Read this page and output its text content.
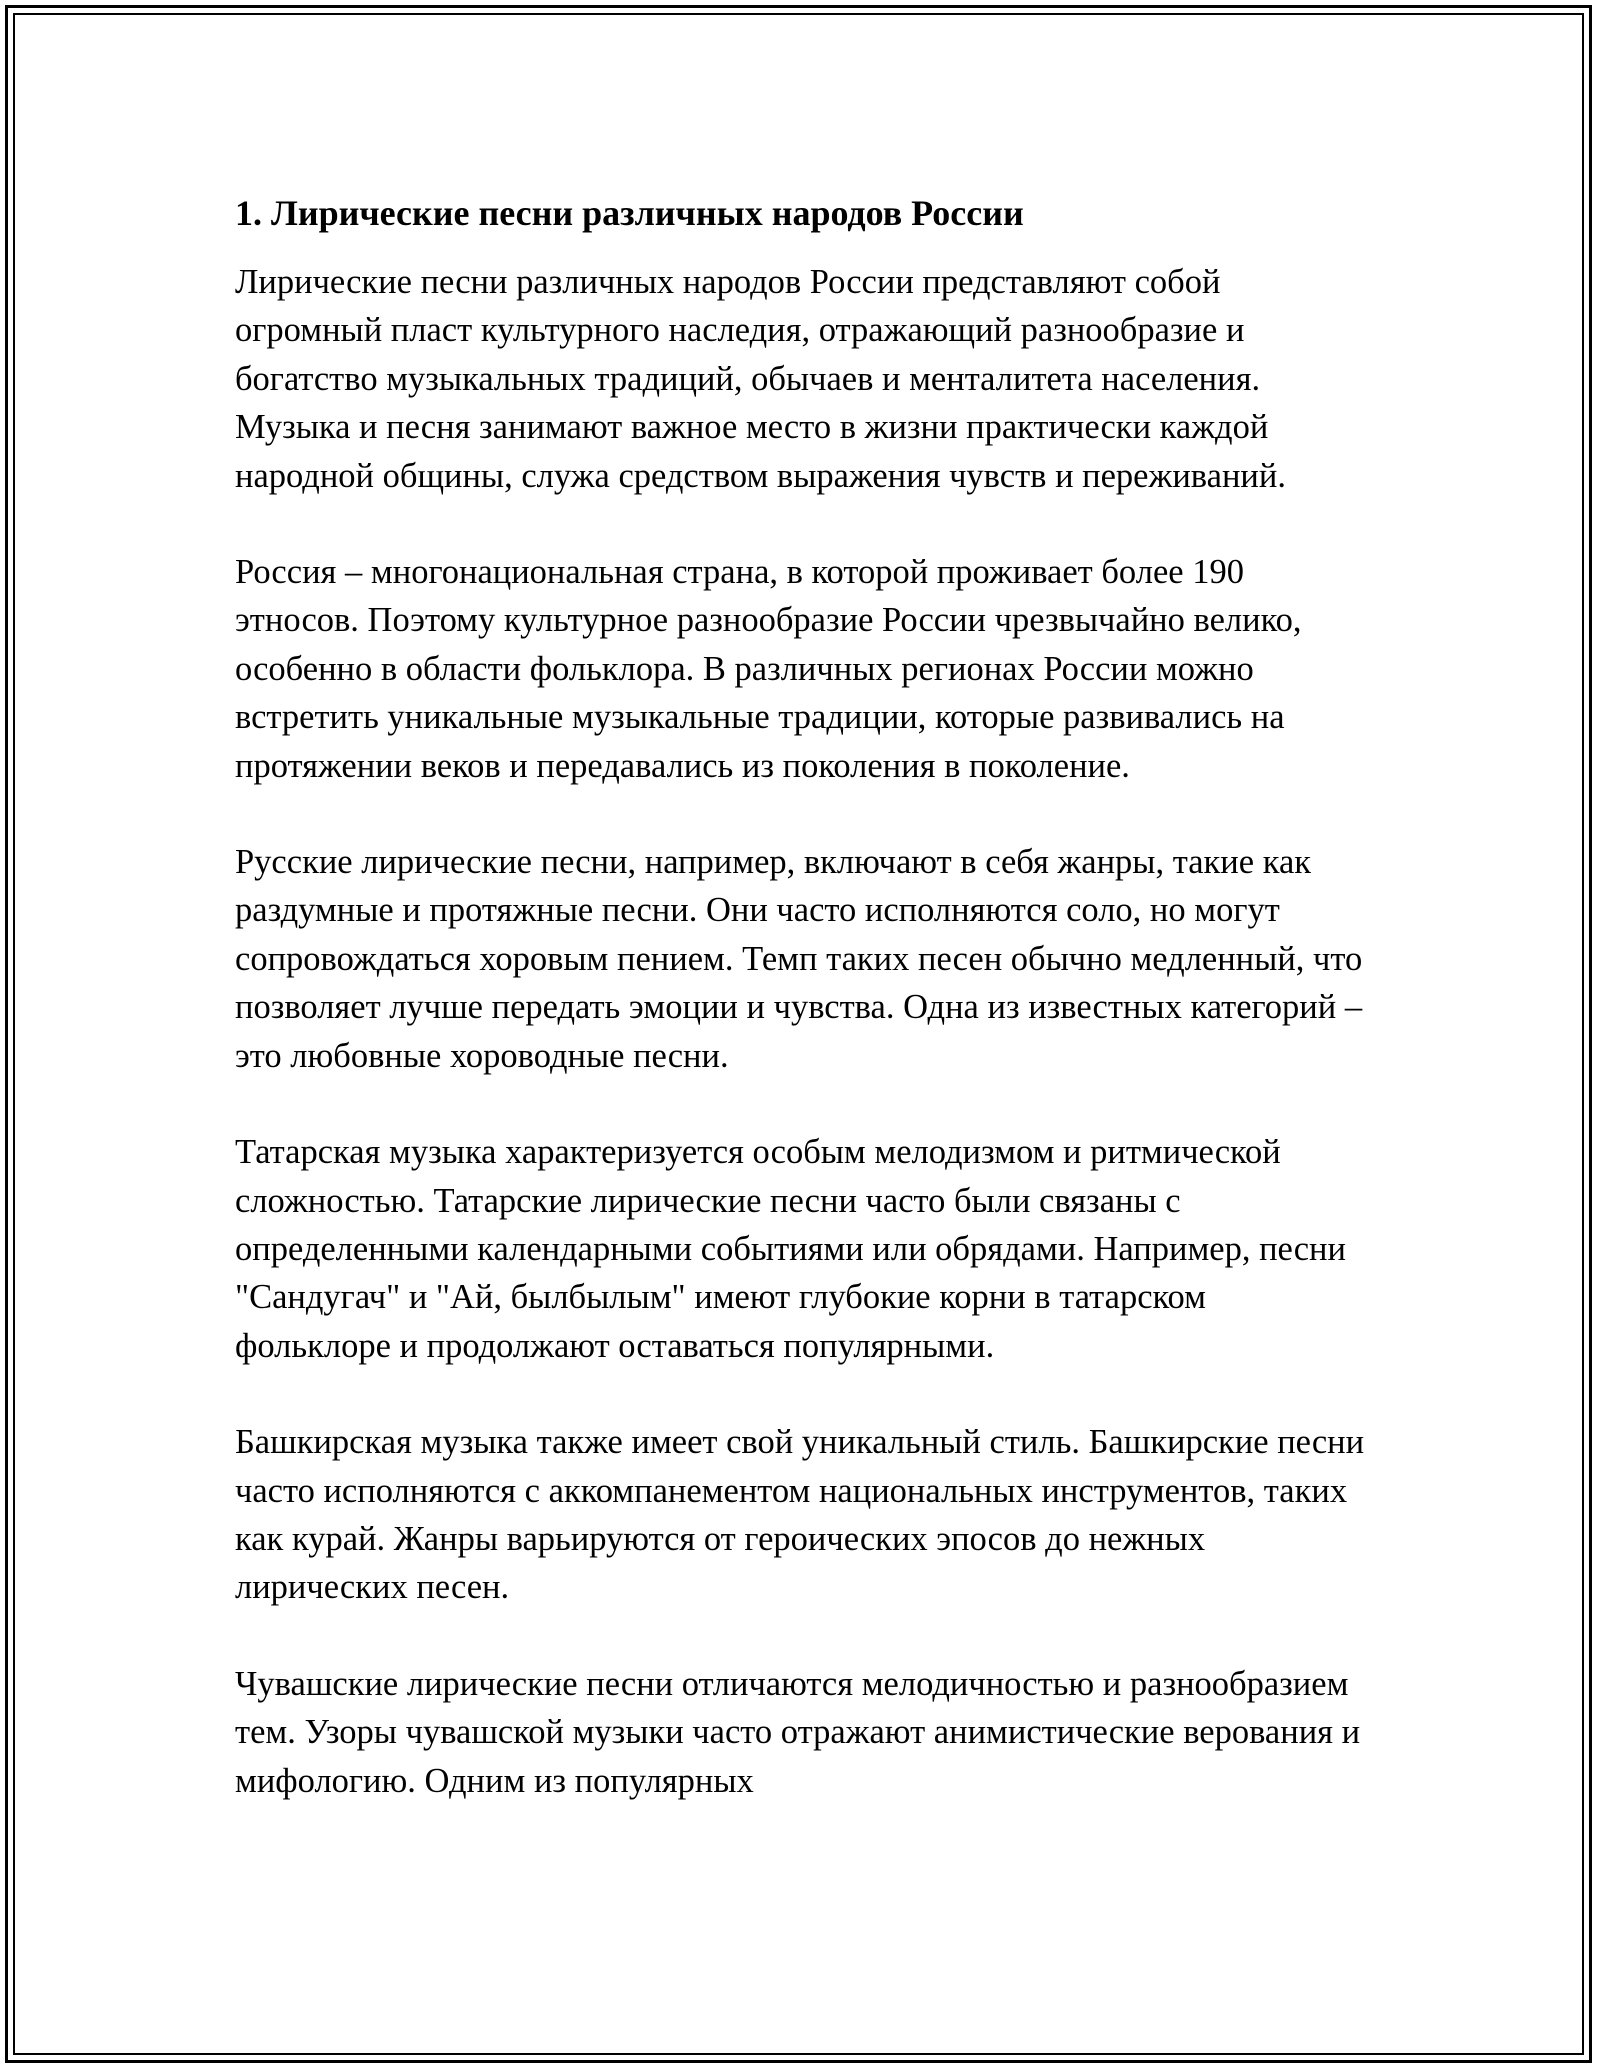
1. Лирические песни различных народов России

Лирические песни различных народов России представляют собой огромный пласт культурного наследия, отражающий разнообразие и богатство музыкальных традиций, обычаев и менталитета населения. Музыка и песня занимают важное место в жизни практически каждой народной общины, служа средством выражения чувств и переживаний.

Россия – многонациональная страна, в которой проживает более 190 этносов. Поэтому культурное разнообразие России чрезвычайно велико, особенно в области фольклора. В различных регионах России можно встретить уникальные музыкальные традиции, которые развивались на протяжении веков и передавались из поколения в поколение.

Русские лирические песни, например, включают в себя жанры, такие как раздумные и протяжные песни. Они часто исполняются соло, но могут сопровождаться хоровым пением. Темп таких песен обычно медленный, что позволяет лучше передать эмоции и чувства. Одна из известных категорий – это любовные хороводные песни.

Татарская музыка характеризуется особым мелодизмом и ритмической сложностью. Татарские лирические песни часто были связаны с определенными календарными событиями или обрядами. Например, песни "Сандугач" и "Ай, былбылым" имеют глубокие корни в татарском фольклоре и продолжают оставаться популярными.

Башкирская музыка также имеет свой уникальный стиль. Башкирские песни часто исполняются с аккомпанементом национальных инструментов, таких как курай. Жанры варьируются от героических эпосов до нежных лирических песен.

Чувашские лирические песни отличаются мелодичностью и разнообразием тем. Узоры чувашской музыки часто отражают анимистические верования и мифологию. Одним из популярных
